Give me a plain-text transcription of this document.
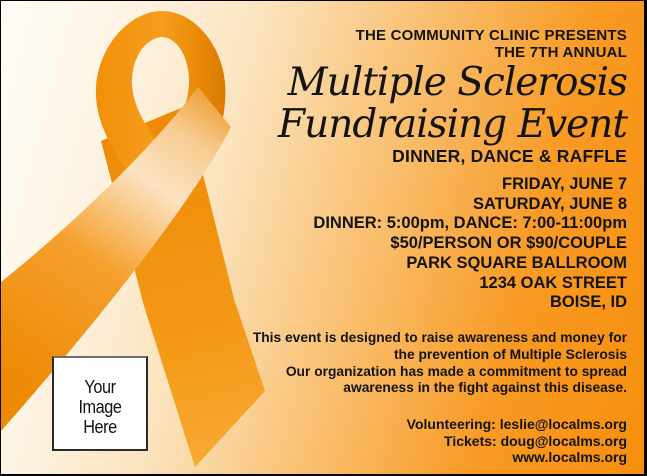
Your
Image
Here
THE COMMUNITY CLINIC PRESENTS
THE 7TH ANNUAL
Multiple Sclerosis
Fundraising Event
DINNER, DANCE & RAFFLE
FRIDAY, JUNE 7
SATURDAY, JUNE 8
DINNER: 5:00pm, DANCE: 7:00-11:00pm
$50/PERSON OR $90/COUPLE
PARK SQUARE BALLROOM
1234 OAK STREET
BOISE, ID
This event is designed to raise awareness and money for
the prevention of Multiple Sclerosis
Our organization has made a commitment to spread
awareness in the fight against this disease.
Volunteering: leslie@localms.org
Tickets: doug@localms.org
www.localms.org
